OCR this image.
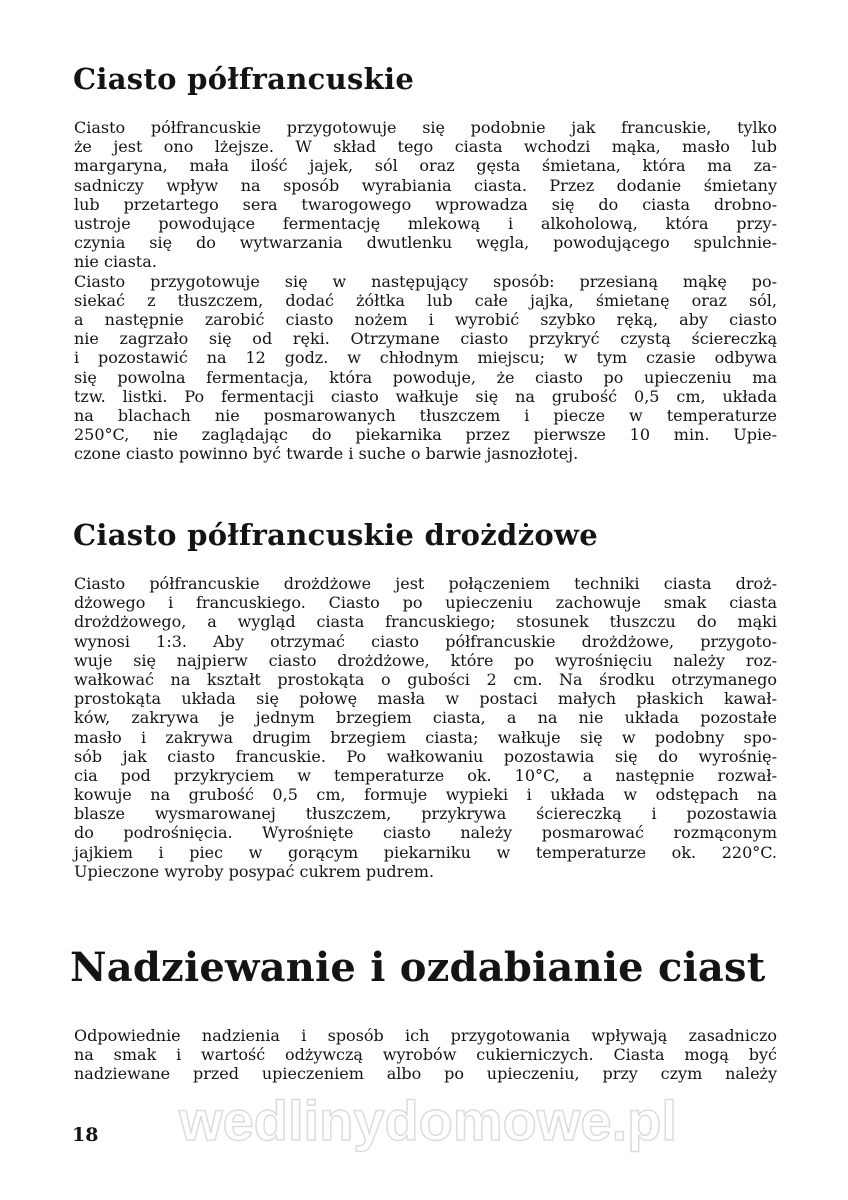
Ciasto półfrancuskie
Ciasto półfrancuskie przygotowuje się podobnie jak francuskie, tylko
że jest ono lżejsze. W skład tego ciasta wchodzi mąka, masło lub
margaryna, mała ilość jajek, sól oraz gęsta śmietana, która ma za-
sadniczy wpływ na sposób wyrabiania ciasta. Przez dodanie śmietany
lub przetartego sera twarogowego wprowadza się do ciasta drobno-
ustroje powodujące fermentację mlekową i alkoholową, która przy-
czynia się do wytwarzania dwutlenku węgla, powodującego spulchnie-
nie ciasta.
Ciasto przygotowuje się w następujący sposób: przesianą mąkę po-
siekać z tłuszczem, dodać żółtka lub całe jajka, śmietanę oraz sól,
a następnie zarobić ciasto nożem i wyrobić szybko ręką, aby ciasto
nie zagrzało się od ręki. Otrzymane ciasto przykryć czystą ściereczką
i pozostawić na 12 godz. w chłodnym miejscu; w tym czasie odbywa
się powolna fermentacja, która powoduje, że ciasto po upieczeniu ma
tzw. listki. Po fermentacji ciasto wałkuje się na grubość 0,5 cm, układa
na blachach nie posmarowanych tłuszczem i piecze w temperaturze
250°C, nie zaglądając do piekarnika przez pierwsze 10 min. Upie-
czone ciasto powinno być twarde i suche o barwie jasnozłotej.
Ciasto półfrancuskie drożdżowe
Ciasto półfrancuskie drożdżowe jest połączeniem techniki ciasta droż-
dżowego i francuskiego. Ciasto po upieczeniu zachowuje smak ciasta
drożdżowego, a wygląd ciasta francuskiego; stosunek tłuszczu do mąki
wynosi 1:3. Aby otrzymać ciasto półfrancuskie drożdżowe, przygoto-
wuje się najpierw ciasto drożdżowe, które po wyrośnięciu należy roz-
wałkować na kształt prostokąta o gubości 2 cm. Na środku otrzymanego
prostokąta układa się połowę masła w postaci małych płaskich kawał-
ków, zakrywa je jednym brzegiem ciasta, a na nie układa pozostałe
masło i zakrywa drugim brzegiem ciasta; wałkuje się w podobny spo-
sób jak ciasto francuskie. Po wałkowaniu pozostawia się do wyrośnię-
cia pod przykryciem w temperaturze ok. 10°C, a następnie rozwał-
kowuje na grubość 0,5 cm, formuje wypieki i układa w odstępach na
blasze wysmarowanej tłuszczem, przykrywa ściereczką i pozostawia
do podrośnięcia. Wyrośnięte ciasto należy posmarować rozmąconym
jajkiem i piec w gorącym piekarniku w temperaturze ok. 220°C.
Upieczone wyroby posypać cukrem pudrem.
Nadziewanie i ozdabianie ciast
Odpowiednie nadzienia i sposób ich przygotowania wpływają zasadniczo
na smak i wartość odżywczą wyrobów cukierniczych. Ciasta mogą być
nadziewane przed upieczeniem albo po upieczeniu, przy czym należy
wedlinydomowe.pl
18
